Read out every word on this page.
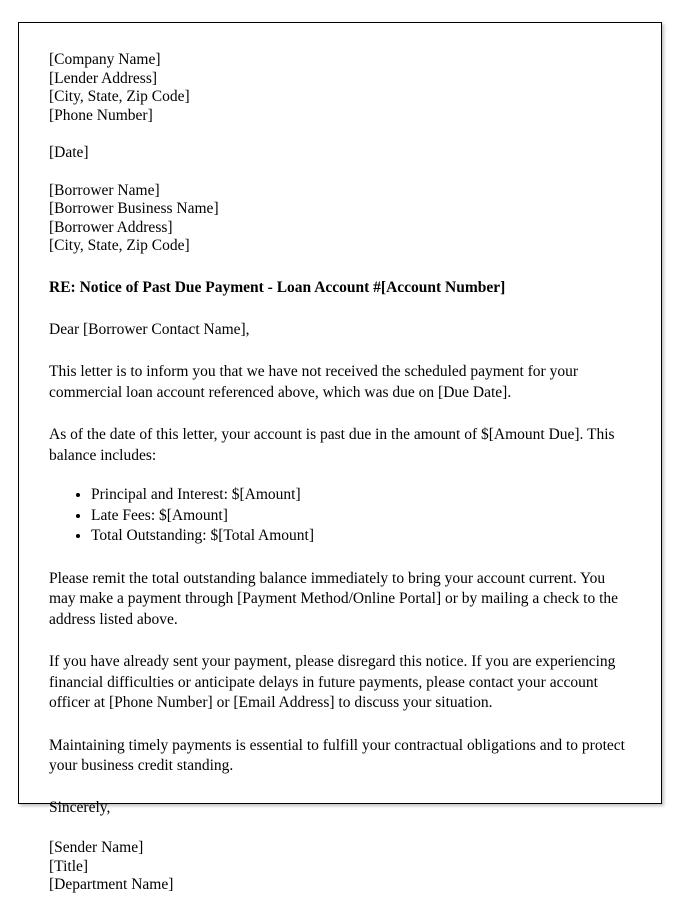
[Company Name]
[Lender Address]
[City, State, Zip Code]
[Phone Number]
[Date]
[Borrower Name]
[Borrower Business Name]
[Borrower Address]
[City, State, Zip Code]
RE: Notice of Past Due Payment - Loan Account #[Account Number]
Dear [Borrower Contact Name],
This letter is to inform you that we have not received the scheduled payment for your commercial loan account referenced above, which was due on [Due Date].
As of the date of this letter, your account is past due in the amount of $[Amount Due]. This balance includes:
• Principal and Interest: $[Amount]
• Late Fees: $[Amount]
• Total Outstanding: $[Total Amount]
Please remit the total outstanding balance immediately to bring your account current. You may make a payment through [Payment Method/Online Portal] or by mailing a check to the address listed above.
If you have already sent your payment, please disregard this notice. If you are experiencing financial difficulties or anticipate delays in future payments, please contact your account officer at [Phone Number] or [Email Address] to discuss your situation.
Maintaining timely payments is essential to fulfill your contractual obligations and to protect your business credit standing.
Sincerely,
[Sender Name]
[Title]
[Department Name]
